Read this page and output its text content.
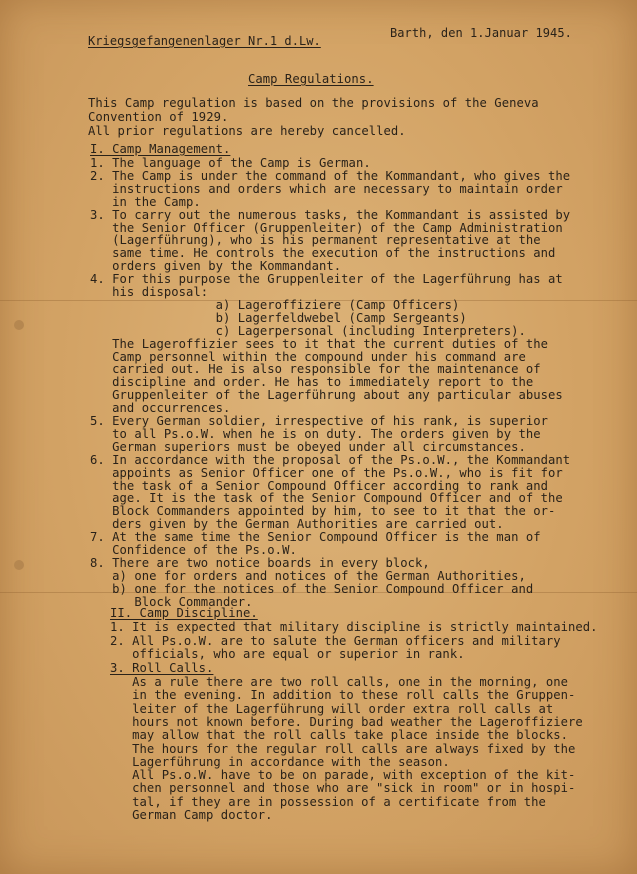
Kriegsgefangenenlager Nr.1 d.Lw.
Barth, den 1.Januar 1945.
Camp Regulations.
This Camp regulation is based on the provisions of the Geneva
Convention of 1929.
All prior regulations are hereby cancelled.
I. Camp Management.
1. The language of the Camp is German.
2. The Camp is under the command of the Kommandant, who gives the
instructions and orders which are necessary to maintain order
in the Camp.
3. To carry out the numerous tasks, the Kommandant is assisted by
the Senior Officer (Gruppenleiter) of the Camp Administration
(Lagerführung), who is his permanent representative at the
same time. He controls the execution of the instructions and
orders given by the Kommandant.
4. For this purpose the Gruppenleiter of the Lagerführung has at
his disposal:
a) Lageroffiziere (Camp Officers)
b) Lagerfeldwebel (Camp Sergeants)
c) Lagerpersonal (including Interpreters).
The Lageroffizier sees to it that the current duties of the
Camp personnel within the compound under his command are
carried out. He is also responsible for the maintenance of
discipline and order. He has to immediately report to the
Gruppenleiter of the Lagerführung about any particular abuses
and occurrences.
5. Every German soldier, irrespective of his rank, is superior
to all Ps.o.W. when he is on duty. The orders given by the
German superiors must be obeyed under all circumstances.
6. In accordance with the proposal of the Ps.o.W., the Kommandant
appoints as Senior Officer one of the Ps.o.W., who is fit for
the task of a Senior Compound Officer according to rank and
age. It is the task of the Senior Compound Officer and of the
Block Commanders appointed by him, to see to it that the or-
ders given by the German Authorities are carried out.
7. At the same time the Senior Compound Officer is the man of
Confidence of the Ps.o.W.
8. There are two notice boards in every block,
a) one for orders and notices of the German Authorities,
b) one for the notices of the Senior Compound Officer and
Block Commander.
II. Camp Discipline.
1. It is expected that military discipline is strictly maintained.
2. All Ps.o.W. are to salute the German officers and military
officials, who are equal or superior in rank.
3. Roll Calls.
As a rule there are two roll calls, one in the morning, one
in the evening. In addition to these roll calls the Gruppen-
leiter of the Lagerführung will order extra roll calls at
hours not known before. During bad weather the Lageroffiziere
may allow that the roll calls take place inside the blocks.
The hours for the regular roll calls are always fixed by the
Lagerführung in accordance with the season.
All Ps.o.W. have to be on parade, with exception of the kit-
chen personnel and those who are "sick in room" or in hospi-
tal, if they are in possession of a certificate from the
German Camp doctor.
